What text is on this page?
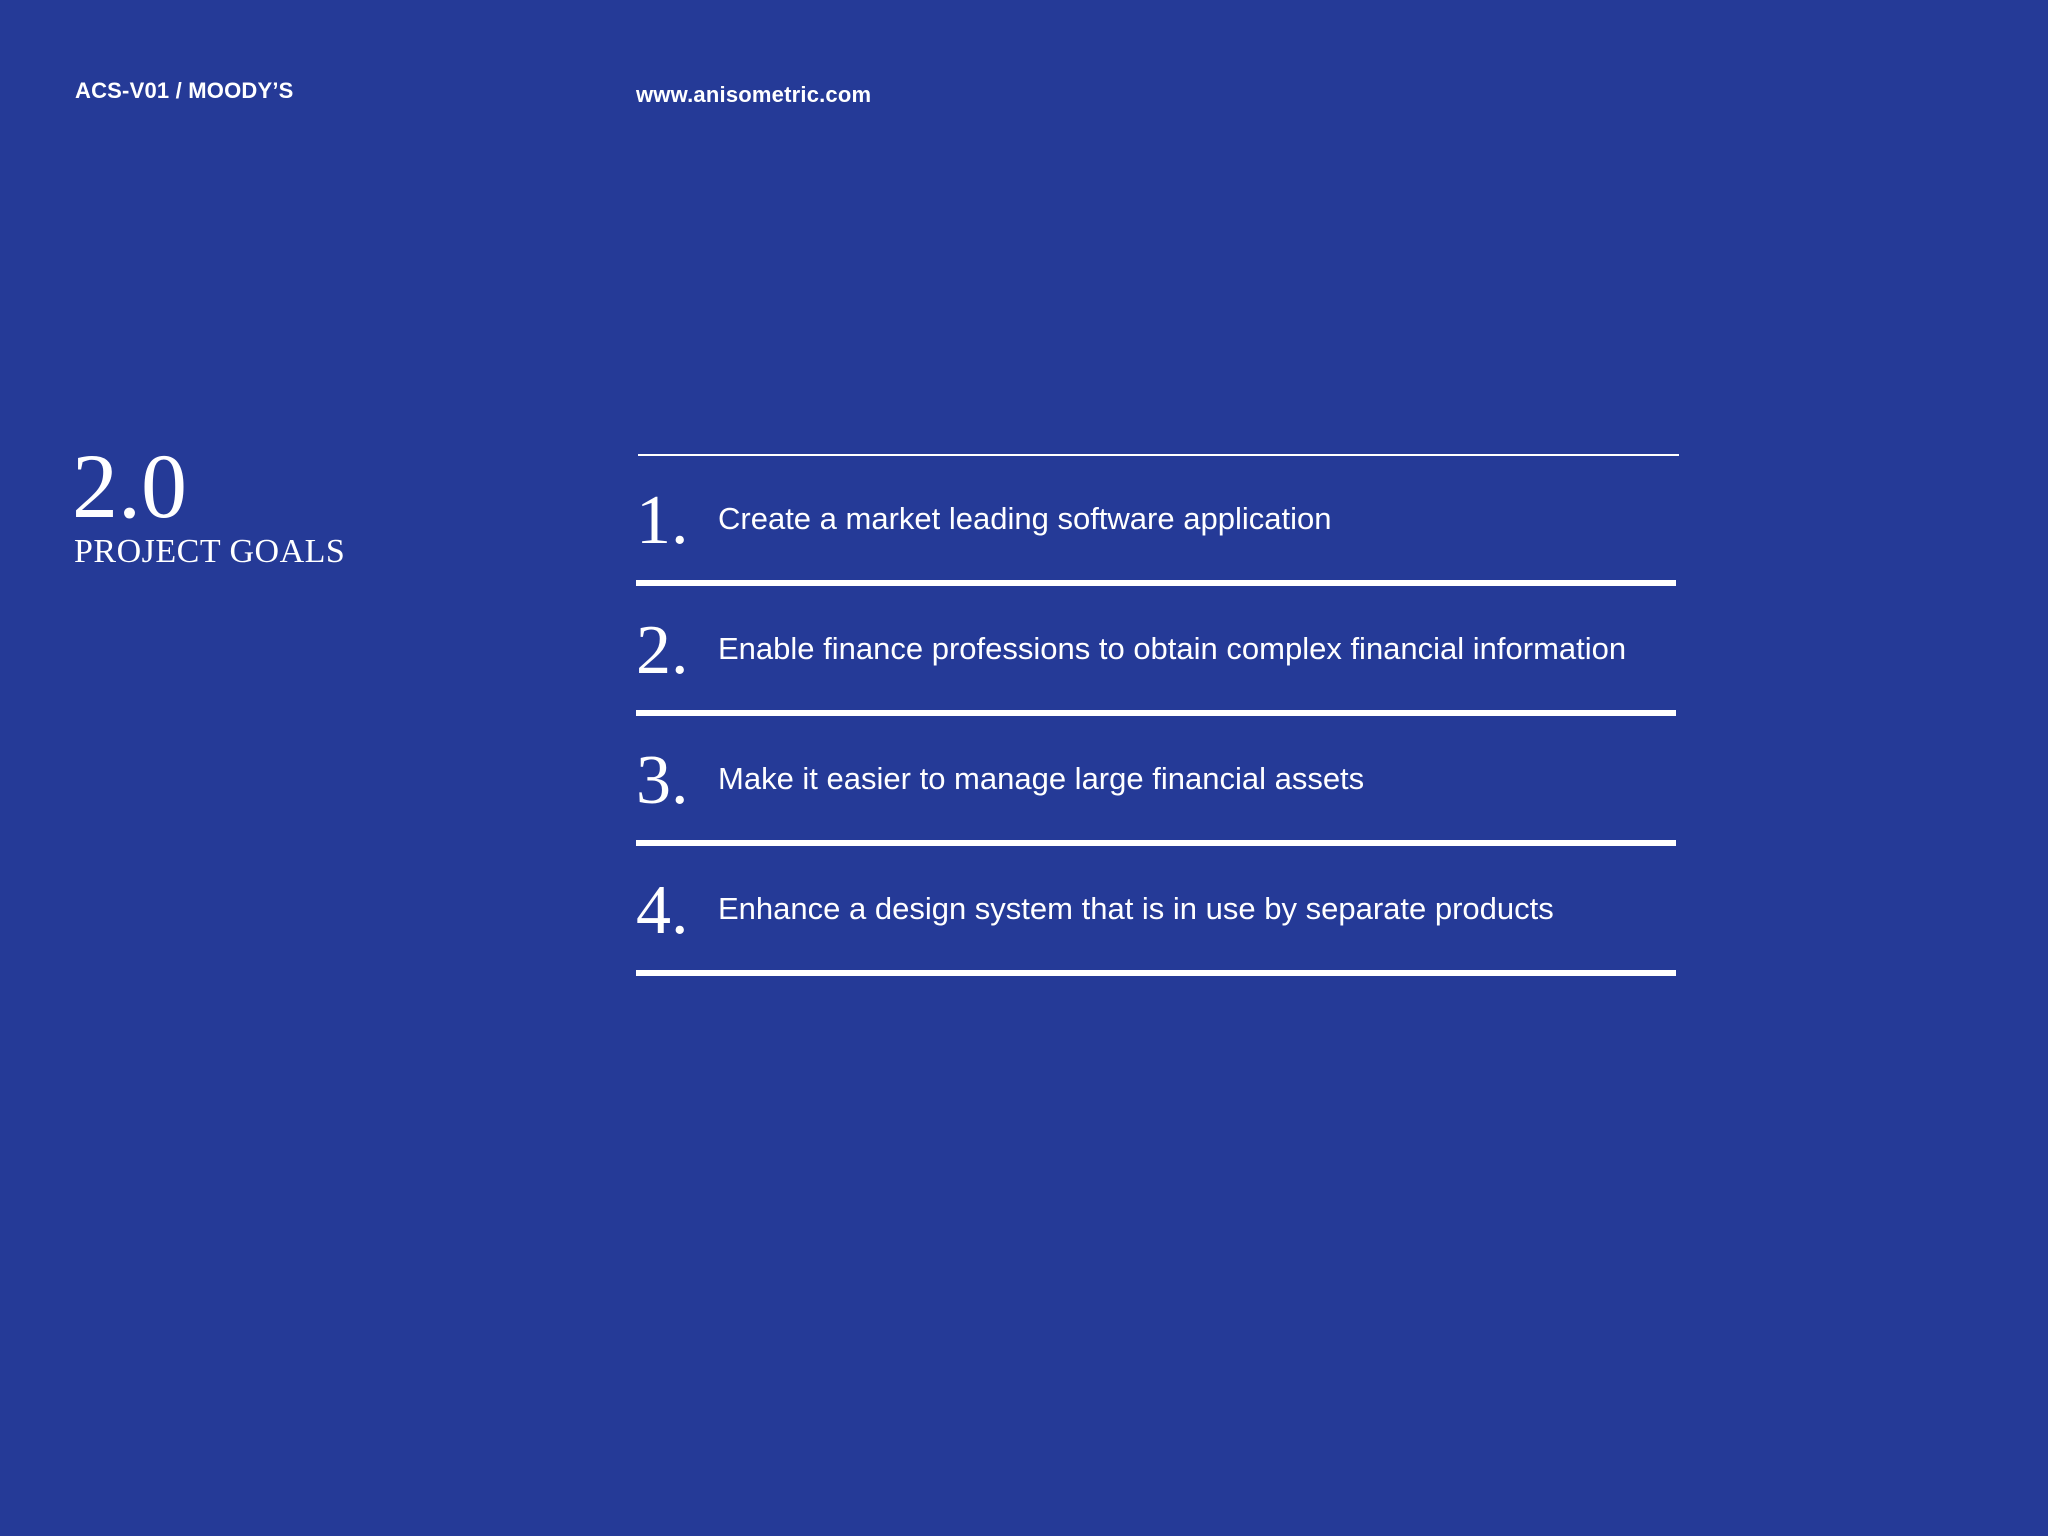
ACS-V01 / MOODY’S	www.anisometric.com
2.0
PROJECT GOALS	1. Create a market leading software application
2. Enable finance professions to obtain complex financial information
3. Make it easier to manage large financial assets
4. Enhance a design system that is in use by separate products
